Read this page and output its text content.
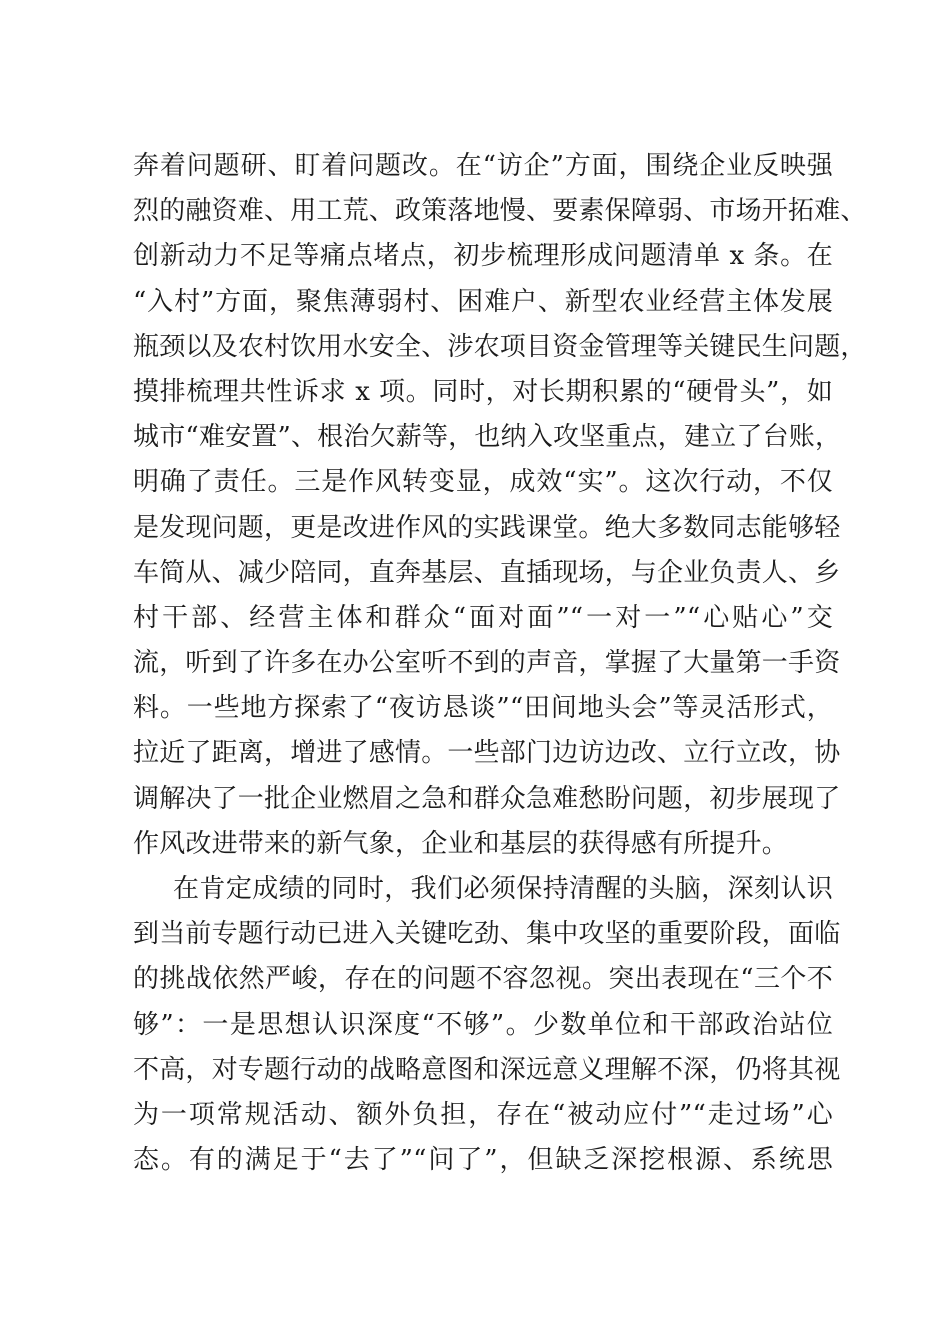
奔着问题研、盯着问题改。在“访企”方面，围绕企业反映强
烈的融资难、用工荒、政策落地慢、要素保障弱、市场开拓难、
创新动力不足等痛点堵点，初步梳理形成问题清单 x 条。在
“入村”方面，聚焦薄弱村、困难户、新型农业经营主体发展
瓶颈以及农村饮用水安全、涉农项目资金管理等关键民生问题，
摸排梳理共性诉求 x 项。同时，对长期积累的“硬骨头”，如
城市“难安置”、根治欠薪等，也纳入攻坚重点，建立了台账，
明确了责任。三是作风转变显，成效“实”。这次行动，不仅
是发现问题，更是改进作风的实践课堂。绝大多数同志能够轻
车简从、减少陪同，直奔基层、直插现场，与企业负责人、乡
村干部、经营主体和群众“面对面”“一对一”“心贴心”交
流，听到了许多在办公室听不到的声音，掌握了大量第一手资
料。一些地方探索了“夜访恳谈”“田间地头会”等灵活形式，
拉近了距离，增进了感情。一些部门边访边改、立行立改，协
调解决了一批企业燃眉之急和群众急难愁盼问题，初步展现了
作风改进带来的新气象，企业和基层的获得感有所提升。
在肯定成绩的同时，我们必须保持清醒的头脑，深刻认识
到当前专题行动已进入关键吃劲、集中攻坚的重要阶段，面临
的挑战依然严峻，存在的问题不容忽视。突出表现在“三个不
够”：一是思想认识深度“不够”。少数单位和干部政治站位
不高，对专题行动的战略意图和深远意义理解不深，仍将其视
为一项常规活动、额外负担，存在“被动应付”“走过场”心
态。有的满足于“去了”“问了”，但缺乏深挖根源、系统思
